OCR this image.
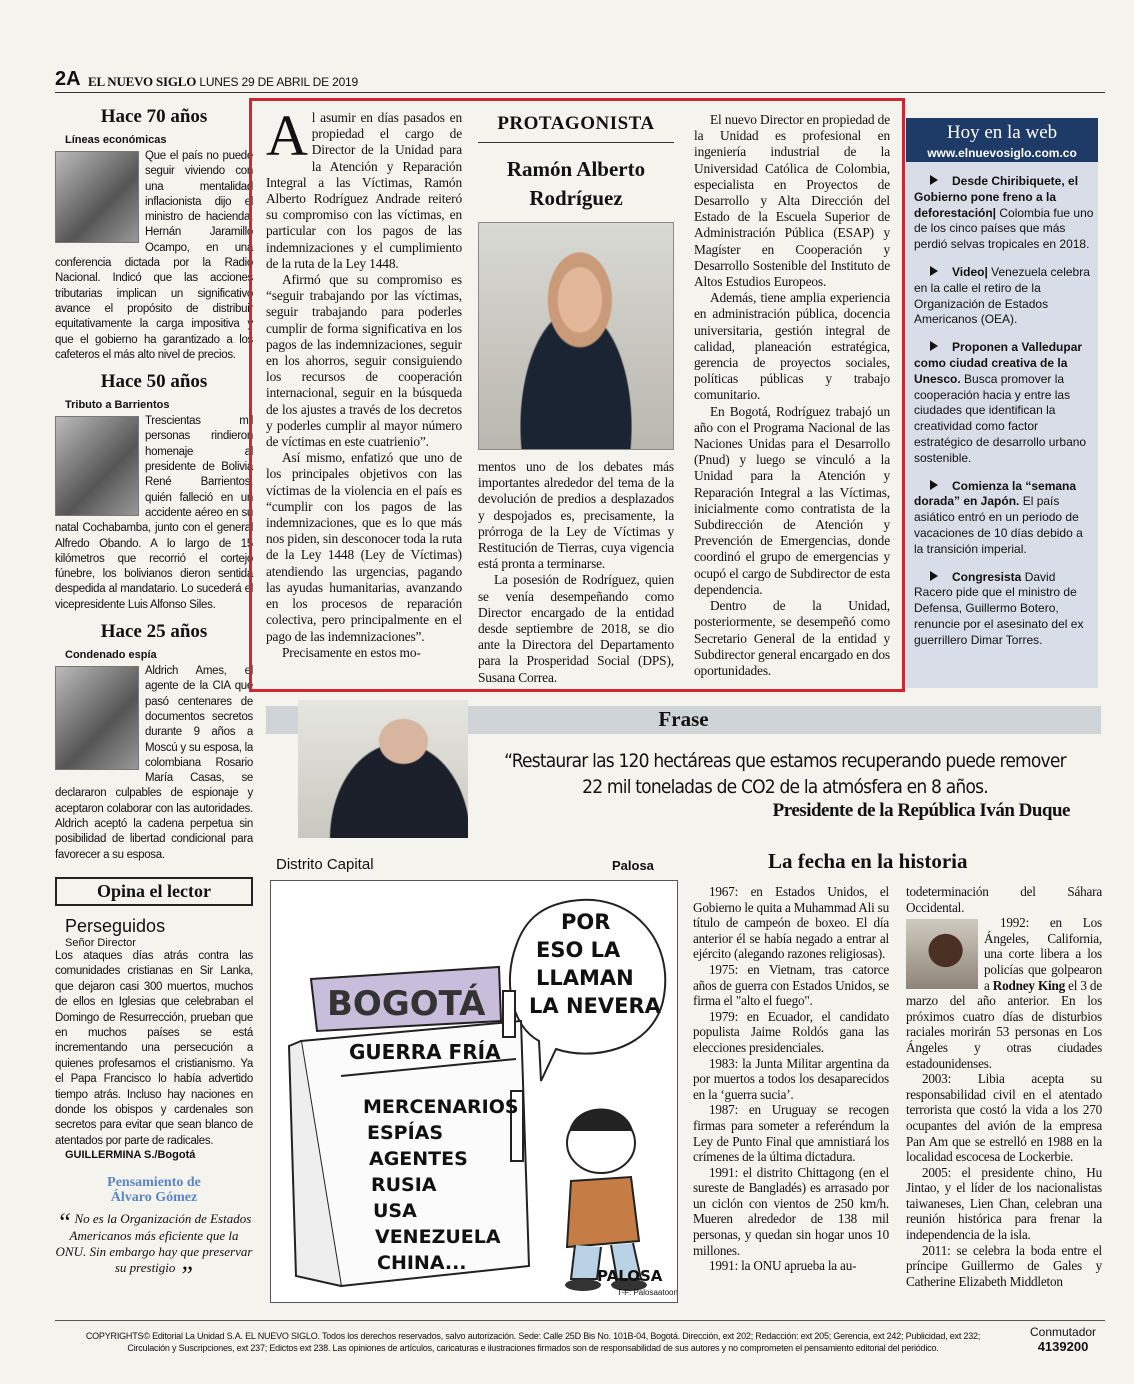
2A EL NUEVO SIGLO LUNES 29 DE ABRIL DE 2019
Hace 70 años
Líneas económicas

Que el país no puede seguir viviendo con una mentalidad inflacionista dijo el ministro de hacienda, Hernán Jaramillo Ocampo, en una conferencia dictada por la Radio Nacional. Indicó que las acciones tributarias implican un significativo avance el propósito de distribuir equitativamente la carga impositiva y que el gobierno ha garantizado a los cafeteros el más alto nivel de precios.

Hace 50 años
Tributo a Barrientos

Trescientas mil personas rindieron homenaje al presidente de Bolivia René Barrientos, quién falleció en un accidente aéreo en su natal Cochabamba, junto con el general Alfredo Obando. A lo largo de 15 kilómetros que recorrió el cortejo fúnebre, los bolivianos dieron sentida despedida al mandatario. Lo sucederá el vicepresidente Luis Alfonso Siles.

Hace 25 años
Condenado espía

Aldrich Ames, el agente de la CIA que pasó centenares de documentos secretos durante 9 años a Moscú y su esposa, la colombiana Rosario María Casas, se declararon culpables de espionaje y aceptaron colaborar con las autoridades. Aldrich aceptó la cadena perpetua sin posibilidad de libertad condicional para favorecer a su esposa.

Opina el lector
Perseguidos
Señor Director

Los ataques días atrás contra las comunidades cristianas en Sir Lanka, que dejaron casi 300 muertos, muchos de ellos en Iglesias que celebraban el Domingo de Resurrección, prueban que en muchos países se está incrementando una persecución a quienes profesamos el cristianismo. Ya el Papa Francisco lo había advertido tiempo atrás. Incluso hay naciones en donde los obispos y cardenales son secretos para evitar que sean blanco de atentados por parte de radicales.

GUILLERMINA S./Bogotá
Pensamiento de
Álvaro Gómez
“ No es la Organización de Estados Americanos más eficiente que la ONU. Sin embargo hay que preservar su prestigio ”
A l asumir en días pasados en propiedad el cargo de Director de la Unidad para la Atención y Reparación Integral a las Víctimas, Ramón Alberto Rodríguez Andrade reiteró su compromiso con las víctimas, en particular con los pagos de las indemnizaciones y el cumplimiento de la ruta de la Ley 1448.

Afirmó que su compromiso es “seguir trabajando por las víctimas, seguir trabajando para poderles cumplir de forma significativa en los pagos de las indemnizaciones, seguir en los ahorros, seguir consiguiendo los recursos de cooperación internacional, seguir en la búsqueda de los ajustes a través de los decretos y poderles cumplir al mayor número de víctimas en este cuatrienio”.

Así mismo, enfatizó que uno de los principales objetivos con las víctimas de la violencia en el país es “cumplir con los pagos de las indemnizaciones, que es lo que más nos piden, sin desconocer toda la ruta de la Ley 1448 (Ley de Víctimas) atendiendo las urgencias, pagando las ayudas humanitarias, avanzando en los procesos de reparación colectiva, pero principalmente en el pago de las indemnizaciones”.

Precisamente en estos mo-

PROTAGONISTA
Ramón Alberto
Rodríguez

mentos uno de los debates más importantes alrededor del tema de la devolución de predios a desplazados y despojados es, precisamente, la prórroga de la Ley de Víctimas y Restitución de Tierras, cuya vigencia está pronta a terminarse.

La posesión de Rodríguez, quien se venía desempeñando como Director encargado de la entidad desde septiembre de 2018, se dio ante la Directora del Departamento para la Prosperidad Social (DPS), Susana Correa.

El nuevo Director en propiedad de la Unidad es profesional en ingeniería industrial de la Universidad Católica de Colombia, especialista en Proyectos de Desarrollo y Alta Dirección del Estado de la Escuela Superior de Administración Pública (ESAP) y Magíster en Cooperación y Desarrollo Sostenible del Instituto de Altos Estudios Europeos.

Además, tiene amplia experiencia en administración pública, docencia universitaria, gestión integral de calidad, planeación estratégica, gerencia de proyectos sociales, políticas públicas y trabajo comunitario.

En Bogotá, Rodríguez trabajó un año con el Programa Nacional de las Naciones Unidas para el Desarrollo (Pnud) y luego se vinculó a la Unidad para la Atención y Reparación Integral a las Víctimas, inicialmente como contratista de la Subdirección de Atención y Prevención de Emergencias, donde coordinó el grupo de emergencias y ocupó el cargo de Subdirector de esta dependencia.

Dentro de la Unidad, posteriormente, se desempeñó como Secretario General de la entidad y Subdirector general encargado en dos oportunidades.

Hoy en la web
www.elnuevosiglo.com.co
Desde Chiribiquete, el Gobierno pone freno a la deforestación| Colombia fue uno de los cinco países que más perdió selvas tropicales en 2018.
Video| Venezuela celebra en la calle el retiro de la Organización de Estados Americanos (OEA).
Proponen a Valledupar como ciudad creativa de la Unesco. Busca promover la cooperación hacia y entre las ciudades que identifican la creatividad como factor estratégico de desarrollo urbano sostenible.
Comienza la “semana dorada” en Japón. El país asiático entró en un periodo de vacaciones de 10 días debido a la transición imperial.
Congresista David Racero pide que el ministro de Defensa, Guillermo Botero, renuncie por el asesinato del ex guerrillero Dimar Torres.
Frase
“Restaurar las 120 hectáreas que estamos recuperando puede remover
22 mil toneladas de CO2 de la atmósfera en 8 años.
Presidente de la República Iván Duque
Distrito Capital	Palosa
POR ESO LA LLAMAN LA NEVERA
BOGOTÁ
GUERRA FRÍA
MERCENARIOS ESPÍAS AGENTES RUSIA USA VENEZUELA CHINA...
PALOSA
T-F: Palosaatoon
La fecha en la historia

1967: en Estados Unidos, el Gobierno le quita a Muhammad Ali su título de campeón de boxeo. El día anterior él se había negado a entrar al ejército (alegando razones religiosas).

1975: en Vietnam, tras catorce años de guerra con Estados Unidos, se firma el "alto el fuego".

1979: en Ecuador, el candidato populista Jaime Roldós gana las elecciones presidenciales.

1983: la Junta Militar argentina da por muertos a todos los desaparecidos en la ‘guerra sucia’.

1987: en Uruguay se recogen firmas para someter a referéndum la Ley de Punto Final que amnistiará los crímenes de la última dictadura.

1991: el distrito Chittagong (en el sureste de Bangladés) es arrasado por un ciclón con vientos de 250 km/h. Mueren alrededor de 138 mil personas, y quedan sin hogar unos 10 millones.

1991: la ONU aprueba la au-

todeterminación del Sáhara Occidental.

1992: en Los Ángeles, California, una corte libera a los policías que golpearon a Rodney King el 3 de marzo del año anterior. En los próximos cuatro días de disturbios raciales morirán 53 personas en Los Ángeles y otras ciudades estadounidenses.

2003: Libia acepta su responsabilidad civil en el atentado terrorista que costó la vida a los 270 ocupantes del avión de la empresa Pan Am que se estrelló en 1988 en la localidad escocesa de Lockerbie.

2005: el presidente chino, Hu Jintao, y el líder de los nacionalistas taiwaneses, Lien Chan, celebran una reunión histórica para frenar la independencia de la isla.

2011: se celebra la boda entre el príncipe Guillermo de Gales y Catherine Elizabeth Middleton

COPYRIGHTS© Editorial La Unidad S.A. EL NUEVO SIGLO. Todos los derechos reservados, salvo autorización. Sede: Calle 25D Bis No. 101B-04, Bogotá. Dirección, ext 202; Redacción: ext 205; Gerencia, ext 242; Publicidad, ext 232;
Circulación y Suscripciones, ext 237; Edictos ext 238. Las opiniones de artículos, caricaturas e ilustraciones firmados son de responsabilidad de sus autores y no comprometen el pensamiento editorial del periódico.
Conmutador
4139200
